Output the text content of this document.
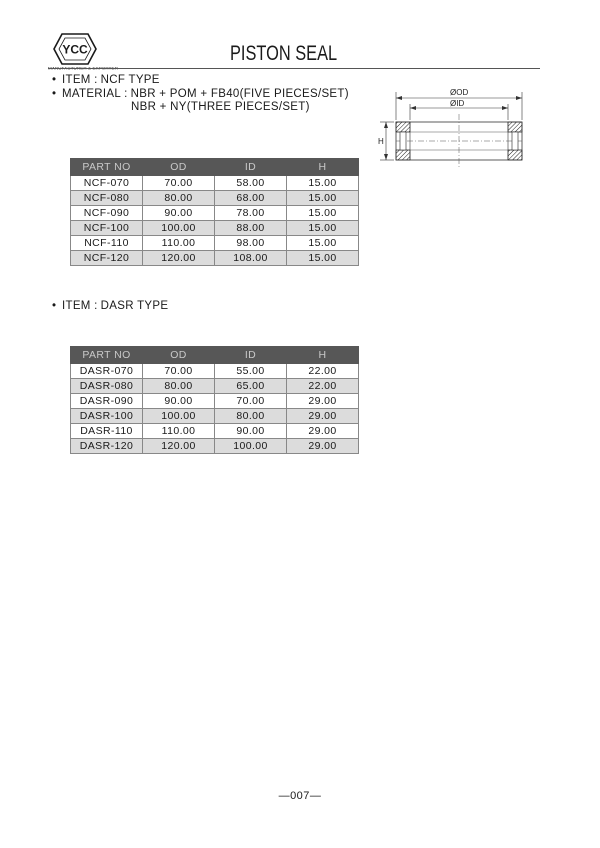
YCC
MANUFACTURER & EXPORTER
PISTON SEAL
• ITEM : NCF TYPE
• MATERIAL : NBR + POM + FB40(FIVE PIECES/SET)
NBR + NY(THREE PIECES/SET)
ØOD
ØID
H
PART NO	OD	ID	H
NCF-070	70.00	58.00	15.00
NCF-080	80.00	68.00	15.00
NCF-090	90.00	78.00	15.00
NCF-100	100.00	88.00	15.00
NCF-110	110.00	98.00	15.00
NCF-120	120.00	108.00	15.00
• ITEM : DASR TYPE
PART NO	OD	ID	H
DASR-070	70.00	55.00	22.00
DASR-080	80.00	65.00	22.00
DASR-090	90.00	70.00	29.00
DASR-100	100.00	80.00	29.00
DASR-110	110.00	90.00	29.00
DASR-120	120.00	100.00	29.00
—007—
